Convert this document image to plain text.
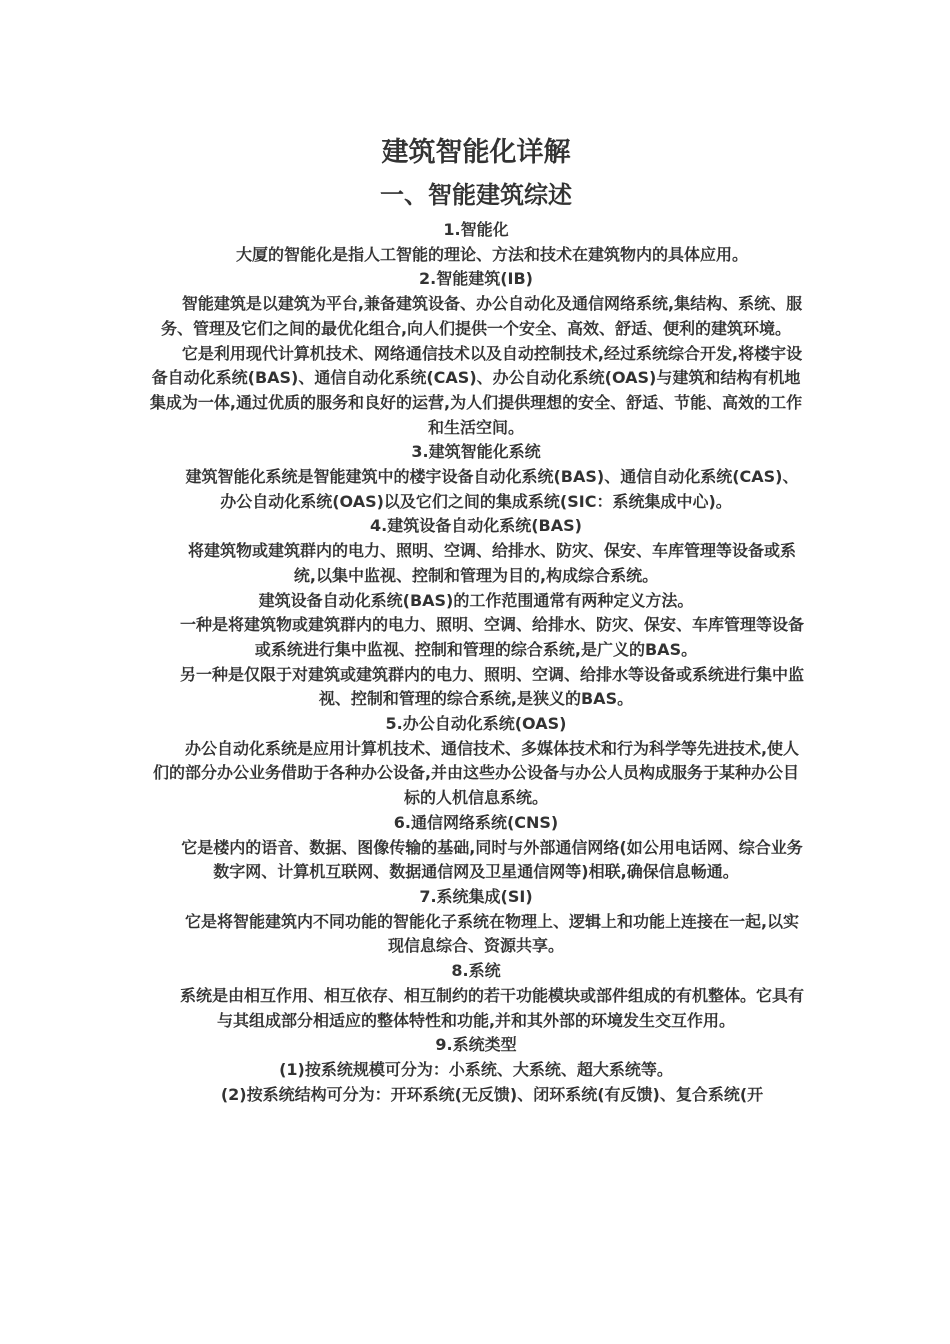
建筑智能化详解
一、智能建筑综述
1.智能化
大厦的智能化是指人工智能的理论、方法和技术在建筑物内的具体应用。
2.智能建筑(IB)
智能建筑是以建筑为平台,兼备建筑设备、办公自动化及通信网络系统,集结构、系统、服务、管理及它们之间的最优化组合,向人们提供一个安全、高效、舒适、便利的建筑环境。
它是利用现代计算机技术、网络通信技术以及自动控制技术,经过系统综合开发,将楼宇设备自动化系统(BAS)、通信自动化系统(CAS)、办公自动化系统(OAS)与建筑和结构有机地集成为一体,通过优质的服务和良好的运营,为人们提供理想的安全、舒适、节能、高效的工作和生活空间。
3.建筑智能化系统
建筑智能化系统是智能建筑中的楼宇设备自动化系统(BAS)、通信自动化系统(CAS)、办公自动化系统(OAS)以及它们之间的集成系统(SIC：系统集成中心)。
4.建筑设备自动化系统(BAS)
将建筑物或建筑群内的电力、照明、空调、给排水、防灾、保安、车库管理等设备或系统,以集中监视、控制和管理为目的,构成综合系统。
建筑设备自动化系统(BAS)的工作范围通常有两种定义方法。
一种是将建筑物或建筑群内的电力、照明、空调、给排水、防灾、保安、车库管理等设备或系统进行集中监视、控制和管理的综合系统,是广义的BAS。
另一种是仅限于对建筑或建筑群内的电力、照明、空调、给排水等设备或系统进行集中监视、控制和管理的综合系统,是狭义的BAS。
5.办公自动化系统(OAS)
办公自动化系统是应用计算机技术、通信技术、多媒体技术和行为科学等先进技术,使人们的部分办公业务借助于各种办公设备,并由这些办公设备与办公人员构成服务于某种办公目标的人机信息系统。
6.通信网络系统(CNS)
它是楼内的语音、数据、图像传输的基础,同时与外部通信网络(如公用电话网、综合业务数字网、计算机互联网、数据通信网及卫星通信网等)相联,确保信息畅通。
7.系统集成(SI)
它是将智能建筑内不同功能的智能化子系统在物理上、逻辑上和功能上连接在一起,以实现信息综合、资源共享。
8.系统
系统是由相互作用、相互依存、相互制约的若干功能模块或部件组成的有机整体。它具有与其组成部分相适应的整体特性和功能,并和其外部的环境发生交互作用。
9.系统类型
(1)按系统规模可分为：小系统、大系统、超大系统等。
(2)按系统结构可分为：开环系统(无反馈)、闭环系统(有反馈)、复合系统(开
